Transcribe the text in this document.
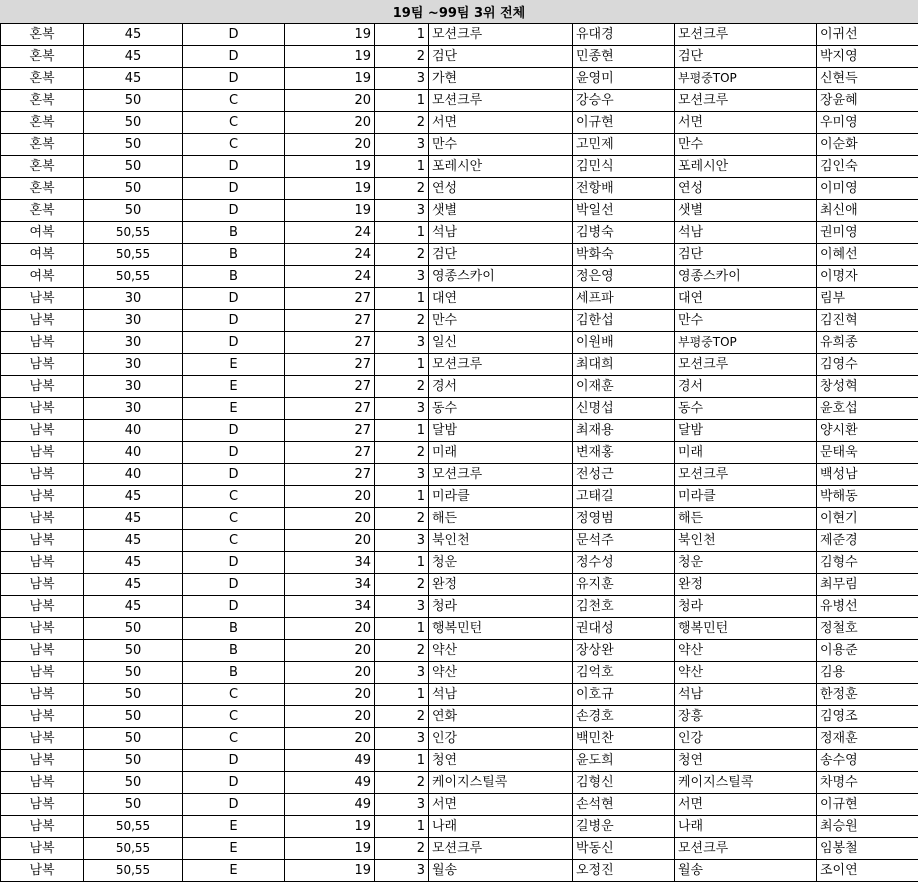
19팀 ~99팀 3위 전체
혼복	45	D	19	1	모션크루	유대경	모션크루	이귀선
혼복	45	D	19	2	검단	민종현	검단	박지영
혼복	45	D	19	3	가현	윤영미	부평중TOP	신현득
혼복	50	C	20	1	모션크루	강승우	모션크루	장윤혜
혼복	50	C	20	2	서면	이규현	서면	우미영
혼복	50	C	20	3	만수	고민제	만수	이순화
혼복	50	D	19	1	포레시안	김민식	포레시안	김인숙
혼복	50	D	19	2	연성	전항배	연성	이미영
혼복	50	D	19	3	샛별	박일선	샛별	최신애
여복	50,55	B	24	1	석남	김병숙	석남	권미영
여복	50,55	B	24	2	검단	박화숙	검단	이혜선
여복	50,55	B	24	3	영종스카이	정은영	영종스카이	이명자
남복	30	D	27	1	대연	세프파	대연	림부
남복	30	D	27	2	만수	김한섭	만수	김진혁
남복	30	D	27	3	일신	이원배	부평중TOP	유희종
남복	30	E	27	1	모션크루	최대희	모션크루	김영수
남복	30	E	27	2	경서	이재훈	경서	창성혁
남복	30	E	27	3	동수	신명섭	동수	윤호섭
남복	40	D	27	1	달밤	최재용	달밤	양시환
남복	40	D	27	2	미래	변재홍	미래	문태욱
남복	40	D	27	3	모션크루	전성근	모션크루	백성남
남복	45	C	20	1	미라클	고태길	미라클	박해동
남복	45	C	20	2	해든	정영범	해든	이현기
남복	45	C	20	3	북인천	문석주	북인천	제준경
남복	45	D	34	1	청운	정수성	청운	김형수
남복	45	D	34	2	완정	유지훈	완정	최무림
남복	45	D	34	3	청라	김천호	청라	유병선
남복	50	B	20	1	행복민턴	권대성	행복민턴	정철호
남복	50	B	20	2	약산	장상완	약산	이용준
남복	50	B	20	3	약산	김억호	약산	김용
남복	50	C	20	1	석남	이호규	석남	한정훈
남복	50	C	20	2	연화	손경호	장흥	김영조
남복	50	C	20	3	인강	백민찬	인강	정재훈
남복	50	D	49	1	청연	윤도희	청연	송수영
남복	50	D	49	2	케이지스틸콕	김형신	케이지스틸콕	차명수
남복	50	D	49	3	서면	손석현	서면	이규현
남복	50,55	E	19	1	나래	길병운	나래	최승원
남복	50,55	E	19	2	모션크루	박동신	모션크루	임봉철
남복	50,55	E	19	3	월송	오정진	월송	조이연
